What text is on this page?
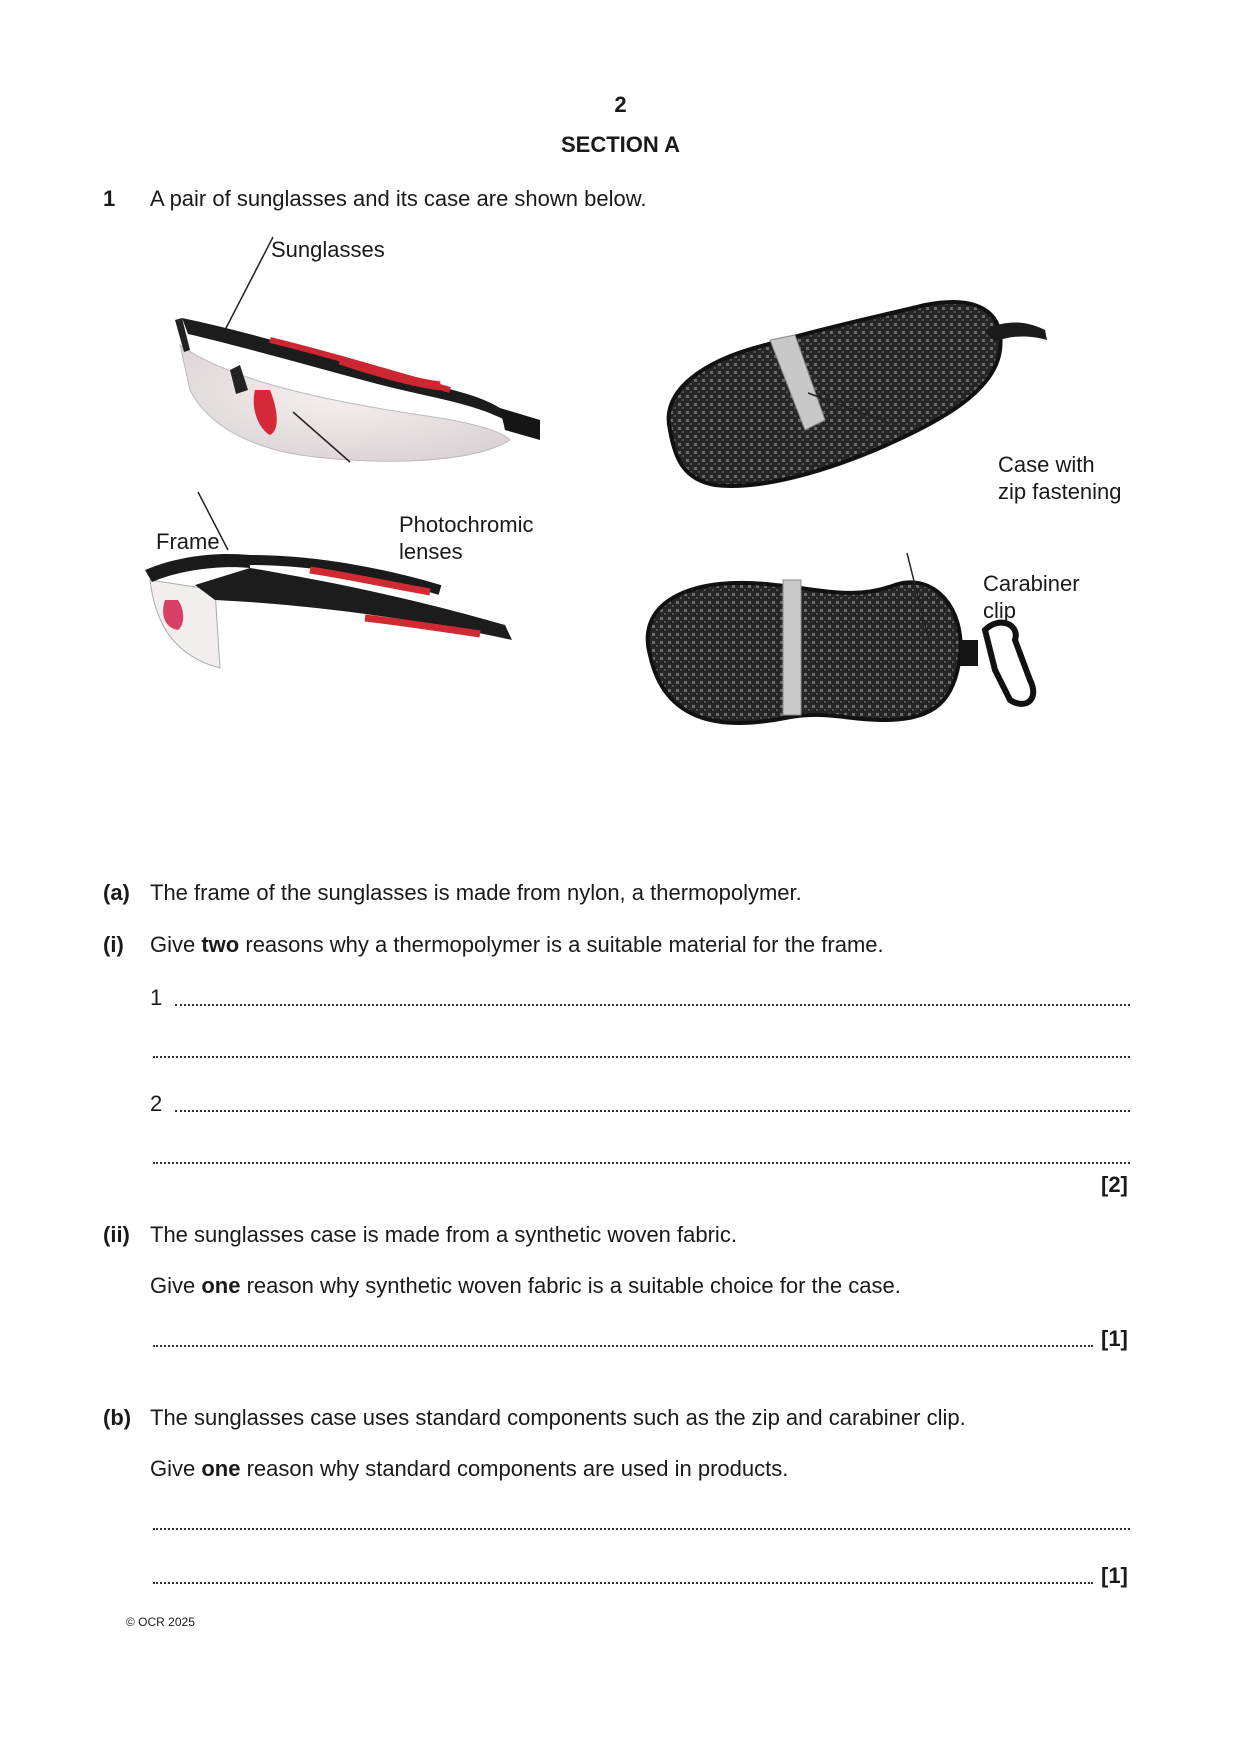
2
SECTION A
1 A pair of sunglasses and its case are shown below.
Sunglasses
Photochromic
lenses
Frame
Case with
zip fastening
Carabiner
clip
(a) The frame of the sunglasses is made from nylon, a thermopolymer.
(i) Give two reasons why a thermopolymer is a suitable material for the frame.
1
2
[2]
(ii) The sunglasses case is made from a synthetic woven fabric.
Give one reason why synthetic woven fabric is a suitable choice for the case.
[1]
(b) The sunglasses case uses standard components such as the zip and carabiner clip.
Give one reason why standard components are used in products.
[1]
© OCR 2025
